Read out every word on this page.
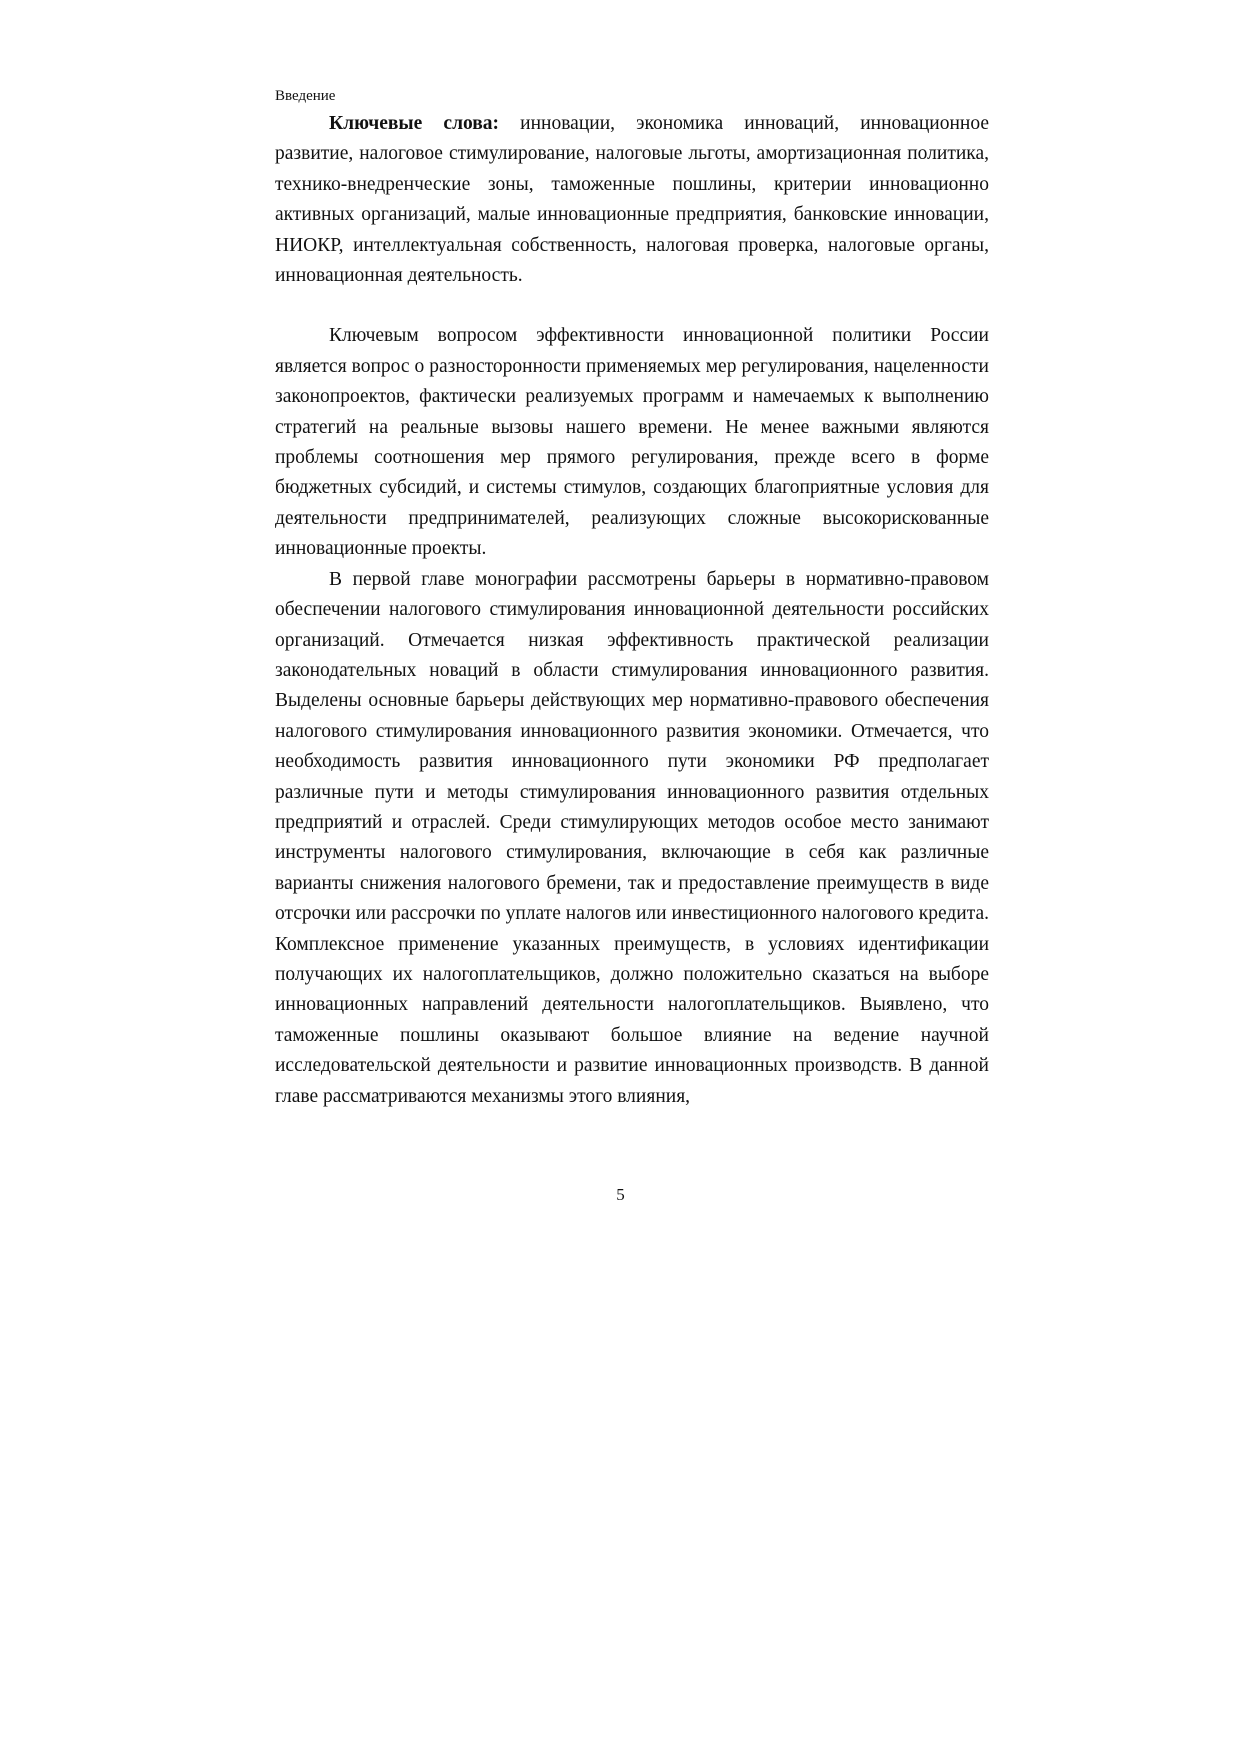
Введение

Ключевые слова: инновации, экономика инноваций, инновационное развитие, налоговое стимулирование, налоговые льготы, амортизационная политика, технико-внедренческие зоны, таможенные пошлины, критерии инновационно активных организаций, малые инновационные предприятия, банковские инновации, НИОКР, интеллектуальная собственность, налоговая проверка, налоговые органы, инновационная деятельность.

Ключевым вопросом эффективности инновационной политики России является вопрос о разносторонности применяемых мер регулирования, нацеленности законопроектов, фактически реализуемых программ и намечаемых к выполнению стратегий на реальные вызовы нашего времени. Не менее важными являются проблемы соотношения мер прямого регулирования, прежде всего в форме бюджетных субсидий, и системы стимулов, создающих благоприятные условия для деятельности предпринимателей, реализующих сложные высокорискованные инновационные проекты.

В первой главе монографии рассмотрены барьеры в нормативно-правовом обеспечении налогового стимулирования инновационной деятельности российских организаций. Отмечается низкая эффективность практической реализации законодательных новаций в области стимулирования инновационного развития. Выделены основные барьеры действующих мер нормативно-правового обеспечения налогового стимулирования инновационного развития экономики. Отмечается, что необходимость развития инновационного пути экономики РФ предполагает различные пути и методы стимулирования инновационного развития отдельных предприятий и отраслей. Среди стимулирующих методов особое место занимают инструменты налогового стимулирования, включающие в себя как различные варианты снижения налогового бремени, так и предоставление преимуществ в виде отсрочки или рассрочки по уплате налогов или инвестиционного налогового кредита. Комплексное применение указанных преимуществ, в условиях идентификации получающих их налогоплательщиков, должно положительно сказаться на выборе инновационных направлений деятельности налогоплательщиков. Выявлено, что таможенные пошлины оказывают большое влияние на ведение научной исследовательской деятельности и развитие инновационных производств. В данной главе рассматриваются механизмы этого влияния,

5
